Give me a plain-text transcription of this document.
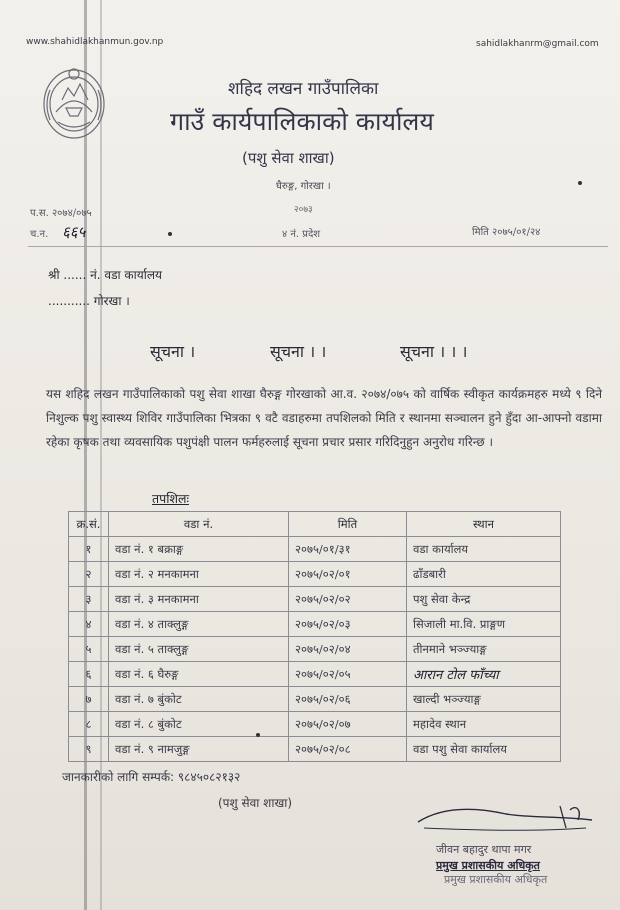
www.shahidlakhanmun.gov.np	sahidlakhanrm@gmail.com
शहिद लखन गाउँपालिका
गाउँ कार्यपालिकाको कार्यालय
(पशु सेवा शाखा)
घैरुङ्ग, गोरखा ।
२०७३
प.स. २०७४/०७५
च.न. ६६५	४ नं. प्रदेश	मिति २०७५/०१/२४
श्री ...... नं. वडा कार्यालय
........... गोरखा ।
सूचना ।	सूचना । ।	सूचना । । ।
यस शहिद लखन गाउँपालिकाको पशु सेवा शाखा घैरुङ्ग गोरखाको आ.व. २०७४/०७५ को वार्षिक स्वीकृत कार्यक्रमहरु मध्ये ९ दिने निशुल्क पशु स्वास्थ्य शिविर गाउँपालिका भित्रका ९ वटै वडाहरुमा तपशिलको मिति र स्थानमा सञ्चालन हुने हुँदा आ-आफ्नो वडामा रहेका कृषक तथा व्यवसायिक पशुपंक्षी पालन फर्महरुलाई सूचना प्रचार प्रसार गरिदिनुहुन अनुरोध गरिन्छ ।
तपशिलः
क्र.सं.	वडा नं.	मिति	स्थान
१	वडा नं. १ बक्राङ्ग	२०७५/०१/३१	वडा कार्यालय
२	वडा नं. २ मनकामना	२०७५/०२/०१	ढाँडबारी
३	वडा नं. ३ मनकामना	२०७५/०२/०२	पशु सेवा केन्द्र
४	वडा नं. ४ ताक्लुङ्ग	२०७५/०२/०३	सिजाली मा.वि. प्राङ्गण
५	वडा नं. ५ ताक्लुङ्ग	२०७५/०२/०४	तीनमाने भञ्ज्याङ्ग
६	वडा नं. ६ घैरुङ्ग	२०७५/०२/०५	आरान टोल फाँच्या
७	वडा नं. ७ बुंकोट	२०७५/०२/०६	खाल्दी भञ्ज्याङ्ग
८	वडा नं. ८ बुंकोट	२०७५/०२/०७	महादेव स्थान
९	वडा नं. ९ नामजुङ्ग	२०७५/०२/०८	वडा पशु सेवा कार्यालय
जानकारीको लागि सम्पर्क: ९८४५०८२१३२
(पशु सेवा शाखा)
जीवन बहादुर थापा मगर
प्रमुख प्रशासकीय अधिकृत
प्रमुख प्रशासकीय अधिकृत
